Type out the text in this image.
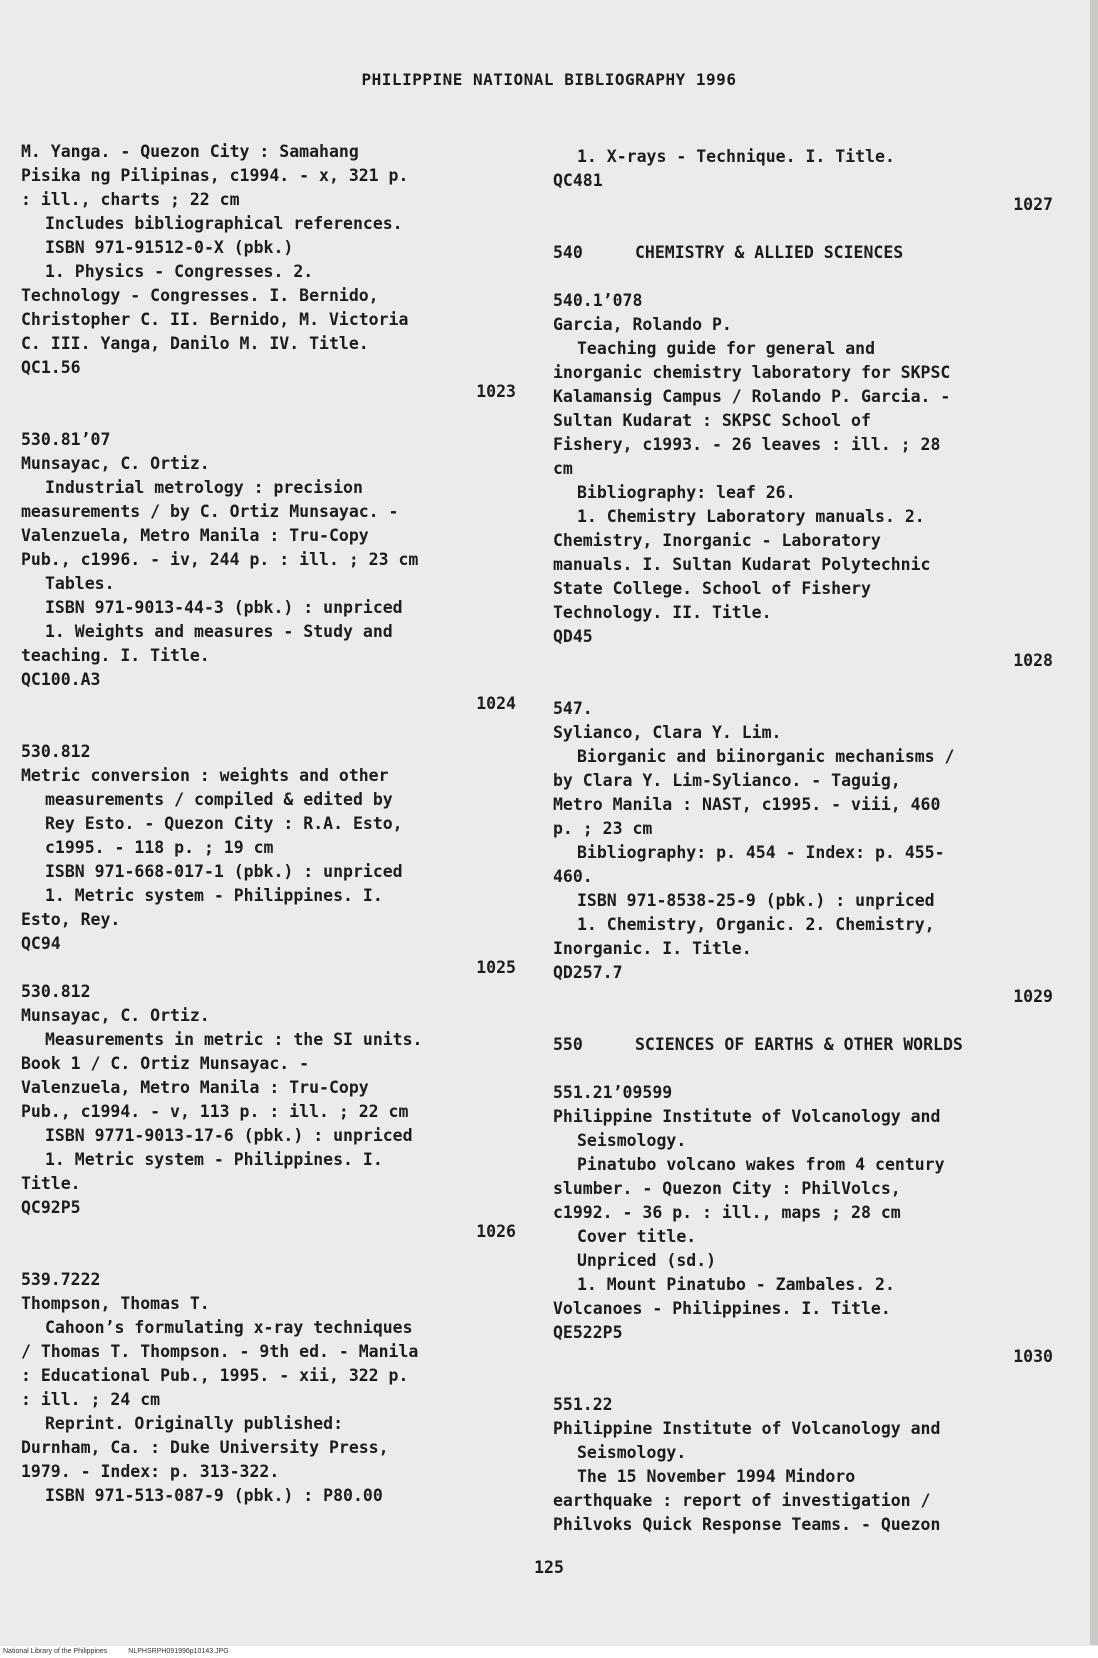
PHILIPPINE NATIONAL BIBLIOGRAPHY 1996
M. Yanga. - Quezon City : Samahang
Pisika ng Pilipinas, c1994. - x, 321 p.
: ill., charts ; 22 cm
Includes bibliographical references.
ISBN 971-91512-0-X (pbk.)
1. Physics - Congresses. 2.
Technology - Congresses. I. Bernido,
Christopher C. II. Bernido, M. Victoria
C. III. Yanga, Danilo M. IV. Title.
QC1.56
1023
530.81’07
Munsayac, C. Ortiz.
Industrial metrology : precision
measurements / by C. Ortiz Munsayac. -
Valenzuela, Metro Manila : Tru-Copy
Pub., c1996. - iv, 244 p. : ill. ; 23 cm
Tables.
ISBN 971-9013-44-3 (pbk.) : unpriced
1. Weights and measures - Study and
teaching. I. Title.
QC100.A3
1024
530.812
Metric conversion : weights and other
measurements / compiled & edited by
Rey Esto. - Quezon City : R.A. Esto,
c1995. - 118 p. ; 19 cm
ISBN 971-668-017-1 (pbk.) : unpriced
1. Metric system - Philippines. I.
Esto, Rey.
QC94
1025
530.812
Munsayac, C. Ortiz.
Measurements in metric : the SI units.
Book 1 / C. Ortiz Munsayac. -
Valenzuela, Metro Manila : Tru-Copy
Pub., c1994. - v, 113 p. : ill. ; 22 cm
ISBN 9771-9013-17-6 (pbk.) : unpriced
1. Metric system - Philippines. I.
Title.
QC92P5
1026
539.7222
Thompson, Thomas T.
Cahoon’s formulating x-ray techniques
/ Thomas T. Thompson. - 9th ed. - Manila
: Educational Pub., 1995. - xii, 322 p.
: ill. ; 24 cm
Reprint. Originally published:
Durnham, Ca. : Duke University Press,
1979. - Index: p. 313-322.
ISBN 971-513-087-9 (pbk.) : P80.00
1. X-rays - Technique. I. Title.
QC481
1027
540	CHEMISTRY & ALLIED SCIENCES
540.1’078
Garcia, Rolando P.
Teaching guide for general and
inorganic chemistry laboratory for SKPSC
Kalamansig Campus / Rolando P. Garcia. -
Sultan Kudarat : SKPSC School of
Fishery, c1993. - 26 leaves : ill. ; 28
cm
Bibliography: leaf 26.
1. Chemistry Laboratory manuals. 2.
Chemistry, Inorganic - Laboratory
manuals. I. Sultan Kudarat Polytechnic
State College. School of Fishery
Technology. II. Title.
QD45
1028
547.
Sylianco, Clara Y. Lim.
Biorganic and biinorganic mechanisms /
by Clara Y. Lim-Sylianco. - Taguig,
Metro Manila : NAST, c1995. - viii, 460
p. ; 23 cm
Bibliography: p. 454 - Index: p. 455-
460.
ISBN 971-8538-25-9 (pbk.) : unpriced
1. Chemistry, Organic. 2. Chemistry,
Inorganic. I. Title.
QD257.7
1029
550	SCIENCES OF EARTHS & OTHER WORLDS
551.21’09599
Philippine Institute of Volcanology and
Seismology.
Pinatubo volcano wakes from 4 century
slumber. - Quezon City : PhilVolcs,
c1992. - 36 p. : ill., maps ; 28 cm
Cover title.
Unpriced (sd.)
1. Mount Pinatubo - Zambales. 2.
Volcanoes - Philippines. I. Title.
QE522P5
1030
551.22
Philippine Institute of Volcanology and
Seismology.
The 15 November 1994 Mindoro
earthquake : report of investigation /
Philvoks Quick Response Teams. - Quezon
125
National Library of the Philippines	NLPHSRPH091996p10143.JPG
